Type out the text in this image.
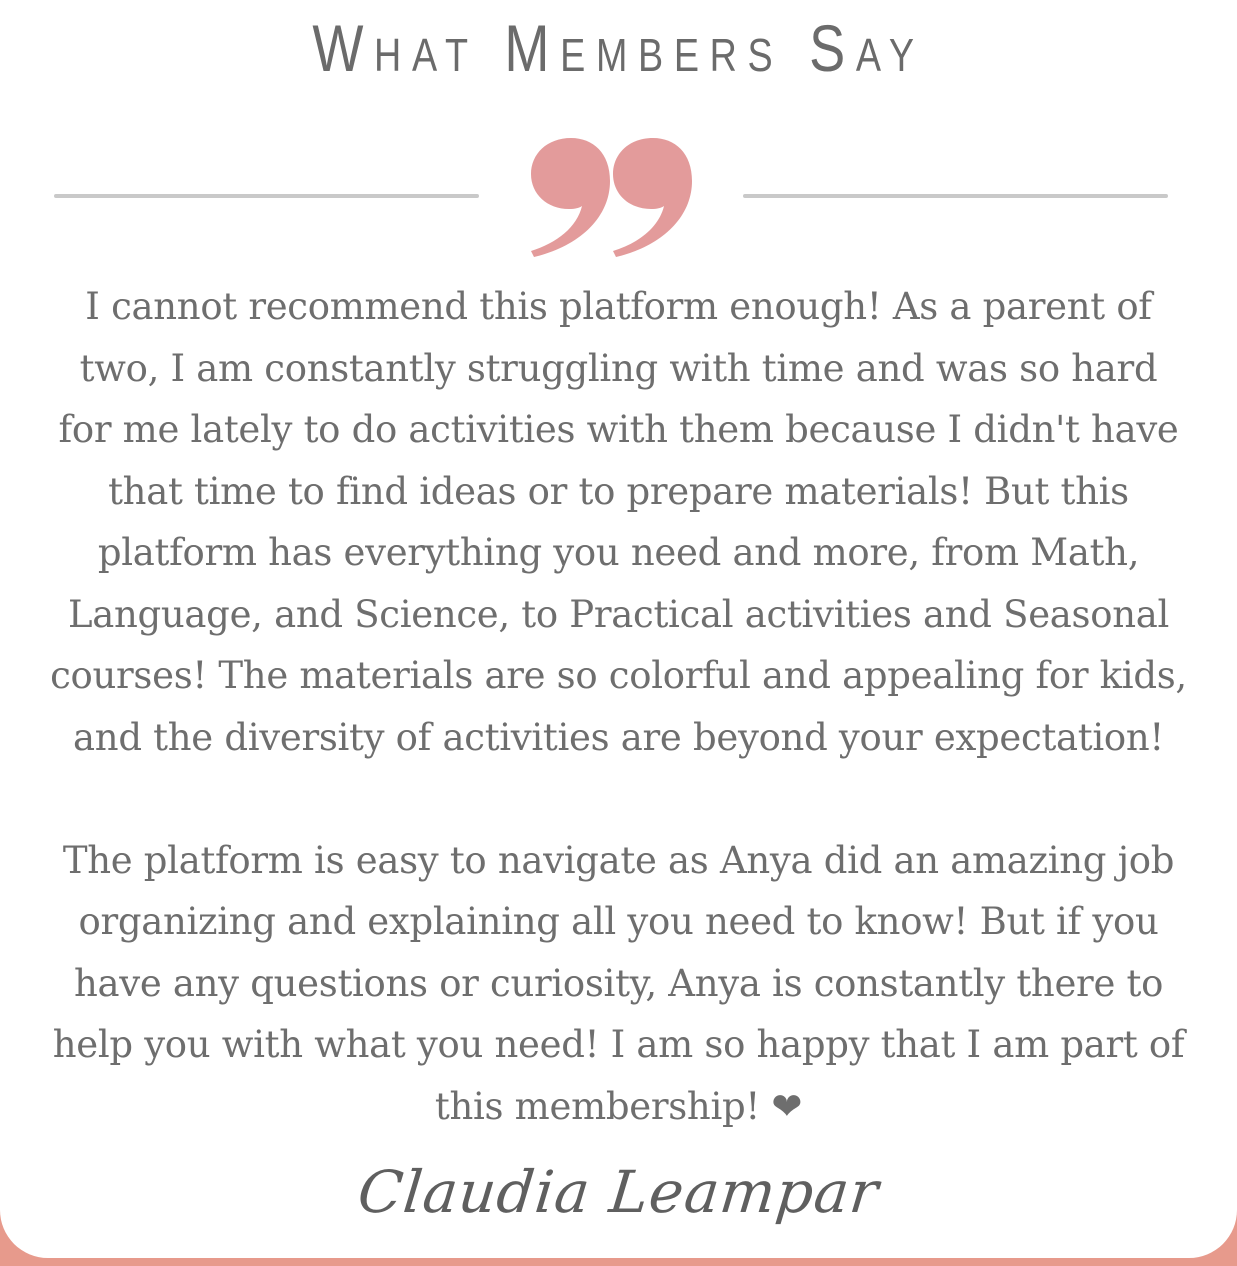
What Members Say

I cannot recommend this platform enough! As a parent of
two, I am constantly struggling with time and was so hard
for me lately to do activities with them because I didn't have
that time to find ideas or to prepare materials! But this
platform has everything you need and more, from Math,
Language, and Science, to Practical activities and Seasonal
courses! The materials are so colorful and appealing for kids,
and the diversity of activities are beyond your expectation!

The platform is easy to navigate as Anya did an amazing job
organizing and explaining all you need to know! But if you
have any questions or curiosity, Anya is constantly there to
help you with what you need! I am so happy that I am part of
this membership! ❤

Claudia Leampar
